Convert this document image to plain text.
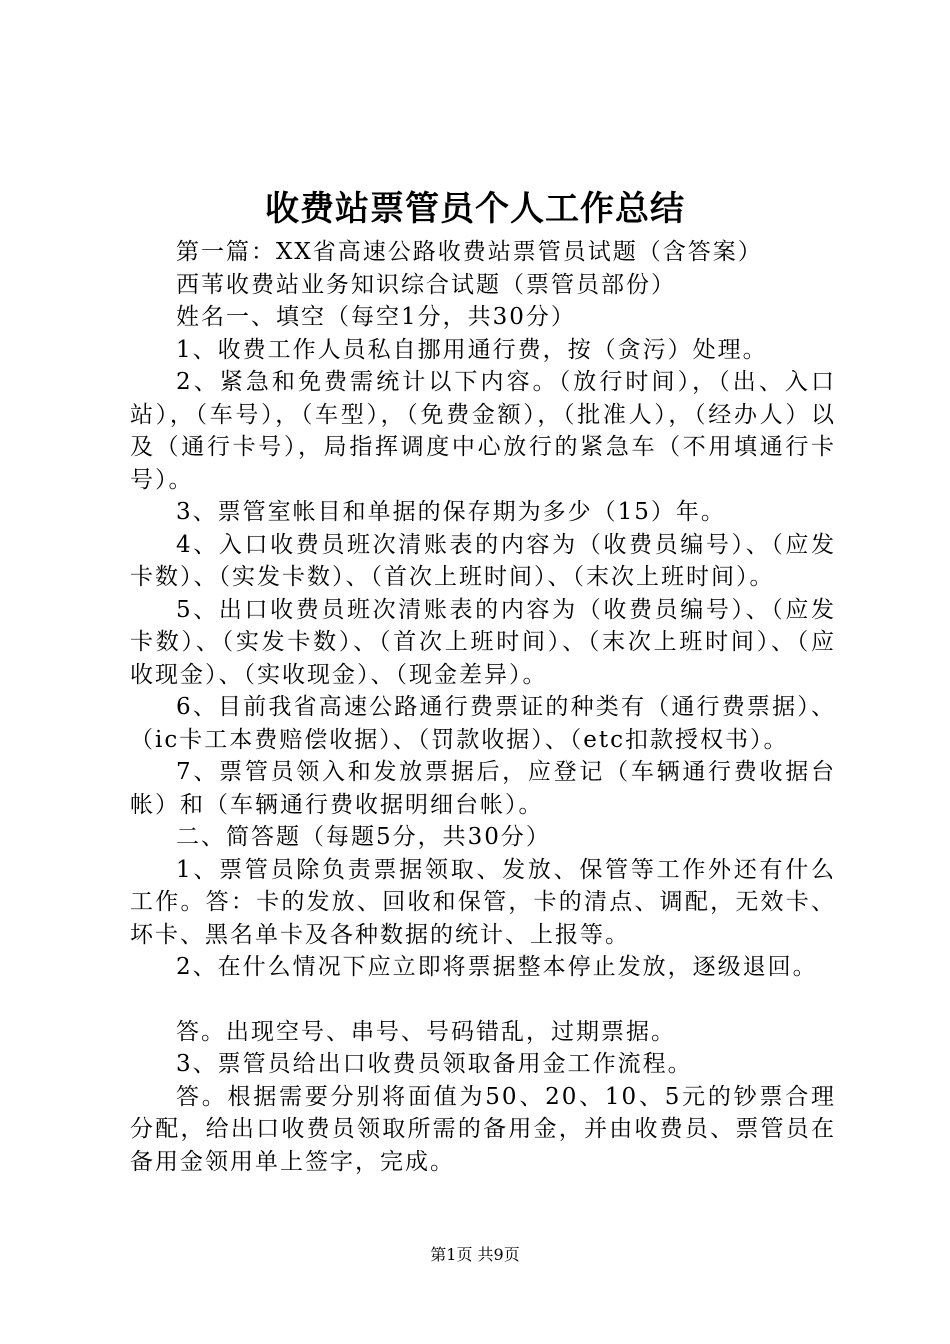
收费站票管员个人工作总结

第一篇：XX省高速公路收费站票管员试题（含答案）

西苇收费站业务知识综合试题（票管员部份）

姓名一、填空（每空1分，共30分）

1、收费工作人员私自挪用通行费，按（贪污）处理。

2、紧急和免费需统计以下内容。（放行时间），（出、入口站），（车号），（车型），（免费金额），（批准人），（经办人）以及（通行卡号），局指挥调度中心放行的紧急车（不用填通行卡号）。

3、票管室帐目和单据的保存期为多少（15）年。

4、入口收费员班次清账表的内容为（收费员编号）、（应发卡数）、（实发卡数）、（首次上班时间）、（末次上班时间）。

5、出口收费员班次清账表的内容为（收费员编号）、（应发卡数）、（实发卡数）、（首次上班时间）、（末次上班时间）、（应收现金）、（实收现金）、（现金差异）。

6、目前我省高速公路通行费票证的种类有（通行费票据）、（ic卡工本费赔偿收据）、（罚款收据）、（etc扣款授权书）。

7、票管员领入和发放票据后，应登记（车辆通行费收据台帐）和（车辆通行费收据明细台帐）。

二、简答题（每题5分，共30分）

1、票管员除负责票据领取、发放、保管等工作外还有什么工作。答：卡的发放、回收和保管，卡的清点、调配，无效卡、坏卡、黑名单卡及各种数据的统计、上报等。

2、在什么情况下应立即将票据整本停止发放，逐级退回。

答。出现空号、串号、号码错乱，过期票据。

3、票管员给出口收费员领取备用金工作流程。

答。根据需要分别将面值为50、20、10、5元的钞票合理分配，给出口收费员领取所需的备用金，并由收费员、票管员在备用金领用单上签字，完成。

第1页 共9页
